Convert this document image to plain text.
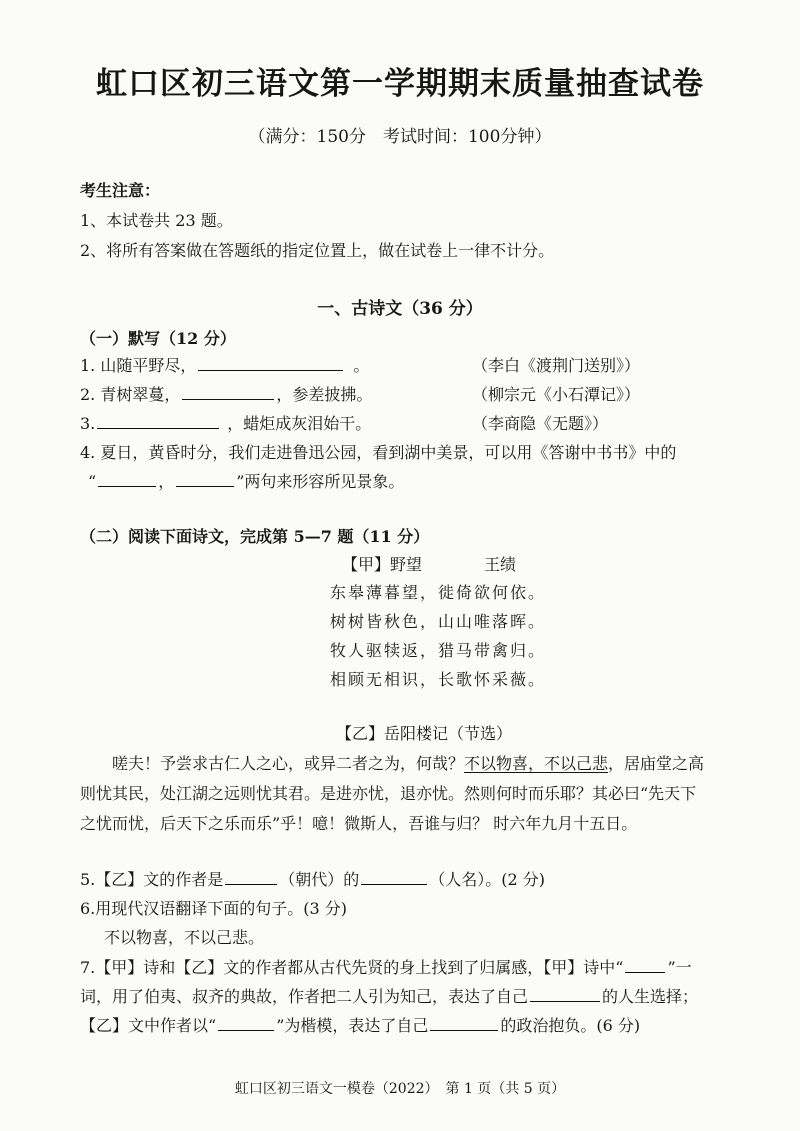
虹口区初三语文第一学期期末质量抽查试卷
（满分：150分　考试时间：100分钟）
考生注意：
1、本试卷共 23 题。
2、将所有答案做在答题纸的指定位置上，做在试卷上一律不计分。
一、古诗文（36 分）
（一）默写（12 分）
1. 山随平野尽，	。	（李白《渡荆门送别》）
2. 青树翠蔓，	，参差披拂。	（柳宗元《小石潭记》）
3.	，蜡炬成灰泪始干。	（李商隐《无题》）
4. 夏日，黄昏时分，我们走进鲁迅公园，看到湖中美景，可以用《答谢中书书》中的
“	，	”两句来形容所见景象。
（二）阅读下面诗文，完成第 5—7 题（11 分）
【甲】野望	王绩
东皋薄暮望，徙倚欲何依。
树树皆秋色，山山唯落晖。
牧人驱犊返，猎马带禽归。
相顾无相识，长歌怀采薇。
【乙】岳阳楼记（节选）
嗟夫！予尝求古仁人之心，或异二者之为，何哉？不以物喜，不以己悲，居庙堂之高
则忧其民，处江湖之远则忧其君。是进亦忧，退亦忧。然则何时而乐耶？其必曰“先天下
之忧而忧，后天下之乐而乐”乎！噫！微斯人，吾谁与归？ 时六年九月十五日。
5.【乙】文的作者是	（朝代）的	（人名）。(2 分)
6.用现代汉语翻译下面的句子。(3 分)
不以物喜，不以己悲。
7.【甲】诗和【乙】文的作者都从古代先贤的身上找到了归属感，【甲】诗中“	”一
词，用了伯夷、叔齐的典故，作者把二人引为知己，表达了自己	的人生选择；
【乙】文中作者以“	”为楷模，表达了自己	的政治抱负。(6 分)
虹口区初三语文一模卷（2022）　第 1 页（共 5 页）
